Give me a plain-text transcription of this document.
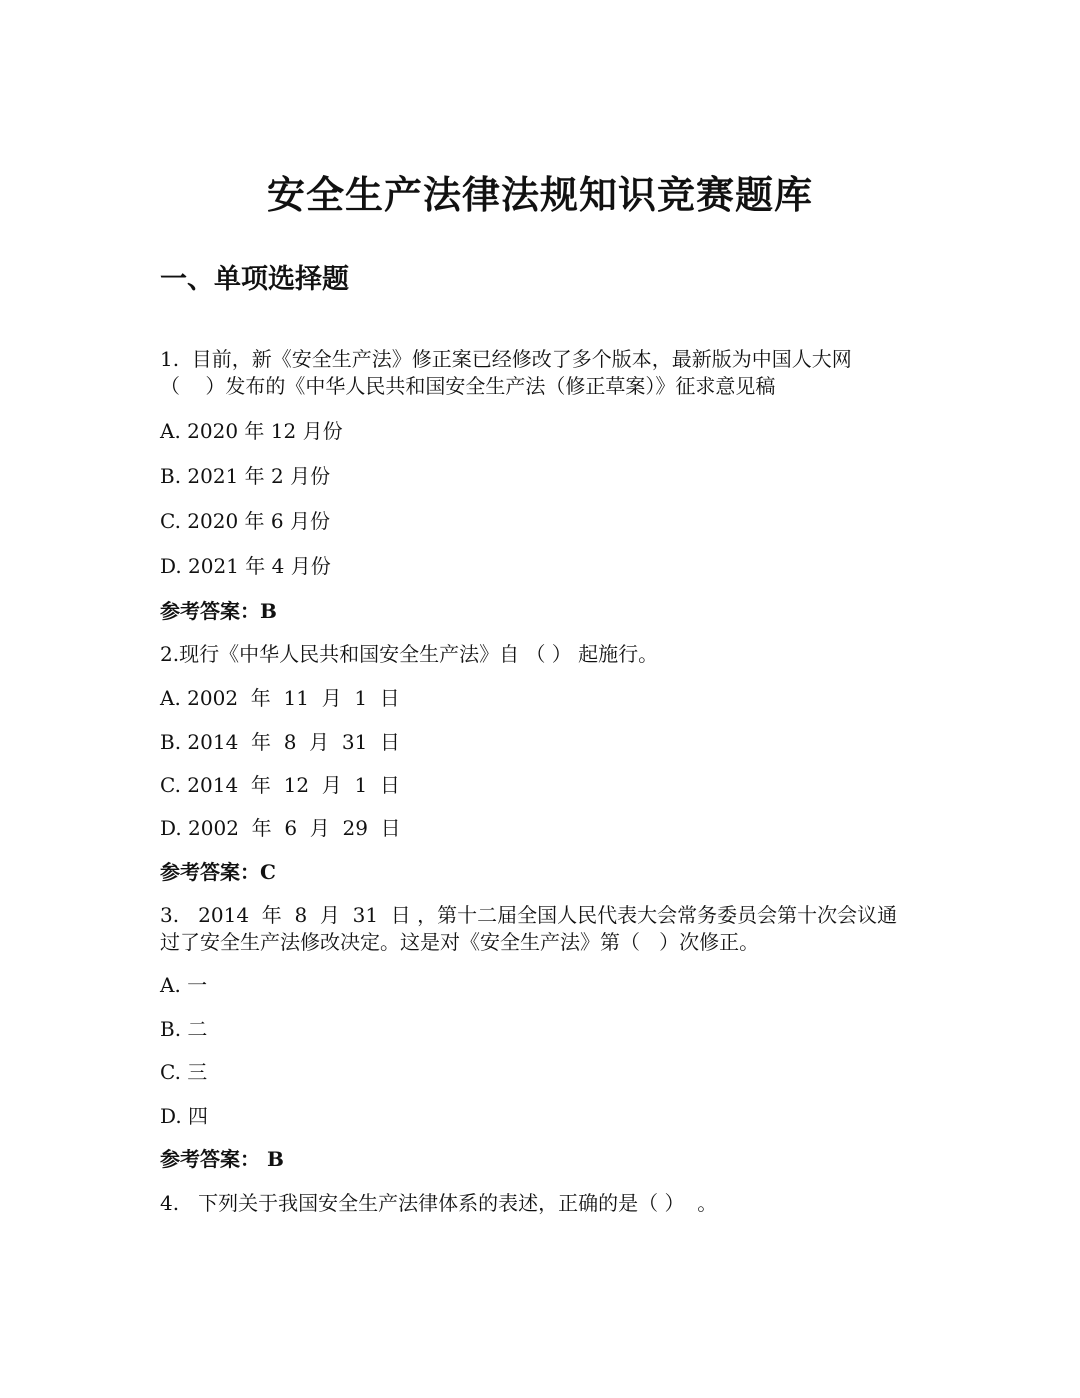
安全生产法律法规知识竞赛题库
一、单项选择题
1.  目前，新《安全生产法》修正案已经修改了多个版本，最新版为中国人大网
（    ）发布的《中华人民共和国安全生产法（修正草案）》征求意见稿
A. 2020 年 12 月份
B. 2021 年 2 月份
C. 2020 年 6 月份
D. 2021 年 4 月份
参考答案：B
2.现行《中华人民共和国安全生产法》自 （ ） 起施行。
A. 2002  年  11  月  1  日
B. 2014  年  8  月  31  日
C. 2014  年  12  月  1  日
D. 2002  年  6  月  29  日
参考答案：C
3.   2014  年  8  月  31  日 ，第十二届全国人民代表大会常务委员会第十次会议通
过了安全生产法修改决定。这是对《安全生产法》第（   ）次修正。
A. 一
B. 二
C. 三
D. 四
参考答案： B
4.   下列关于我国安全生产法律体系的表述，正确的是（ ）  。
